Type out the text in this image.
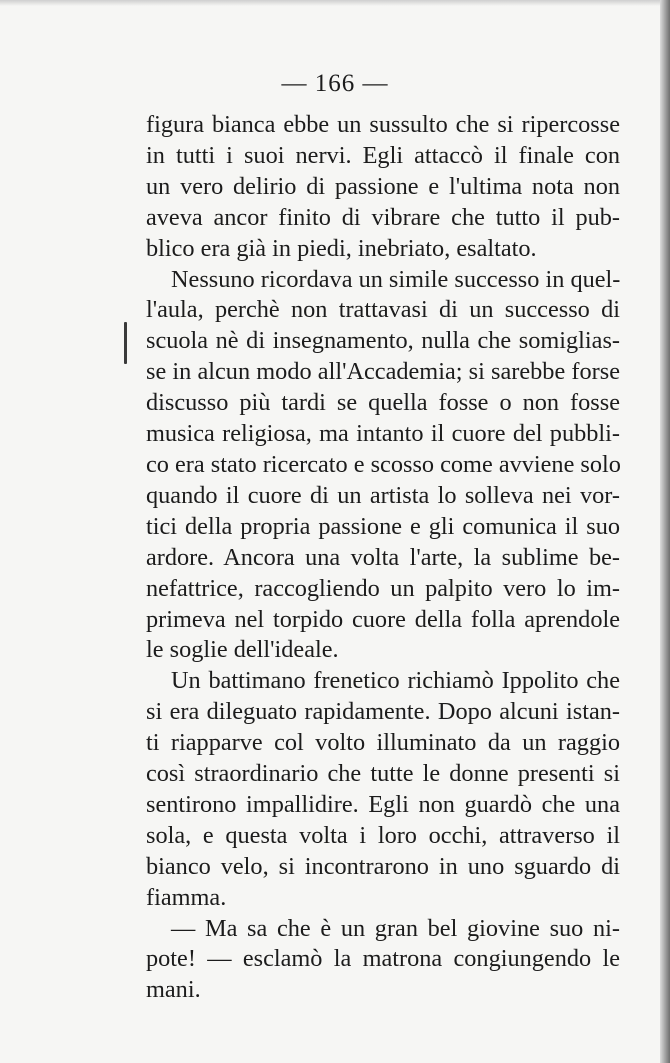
— 166 —

figura bianca ebbe un sussulto che si ripercosse
in tutti i suoi nervi. Egli attaccò il finale con
un vero delirio di passione e l'ultima nota non
aveva ancor finito di vibrare che tutto il pub-
blico era già in piedi, inebriato, esaltato.

Nessuno ricordava un simile successo in quel-
l'aula, perchè non trattavasi di un successo di
scuola nè di insegnamento, nulla che somiglias-
se in alcun modo all'Accademia; si sarebbe forse
discusso più tardi se quella fosse o non fosse
musica religiosa, ma intanto il cuore del pubbli-
co era stato ricercato e scosso come avviene solo
quando il cuore di un artista lo solleva nei vor-
tici della propria passione e gli comunica il suo
ardore. Ancora una volta l'arte, la sublime be-
nefattrice, raccogliendo un palpito vero lo im-
primeva nel torpido cuore della folla aprendole
le soglie dell'ideale.

Un battimano frenetico richiamò Ippolito che
si era dileguato rapidamente. Dopo alcuni istan-
ti riapparve col volto illuminato da un raggio
così straordinario che tutte le donne presenti si
sentirono impallidire. Egli non guardò che una
sola, e questa volta i loro occhi, attraverso il
bianco velo, si incontrarono in uno sguardo di
fiamma.

— Ma sa che è un gran bel giovine suo ni-
pote! — esclamò la matrona congiungendo le
mani.
